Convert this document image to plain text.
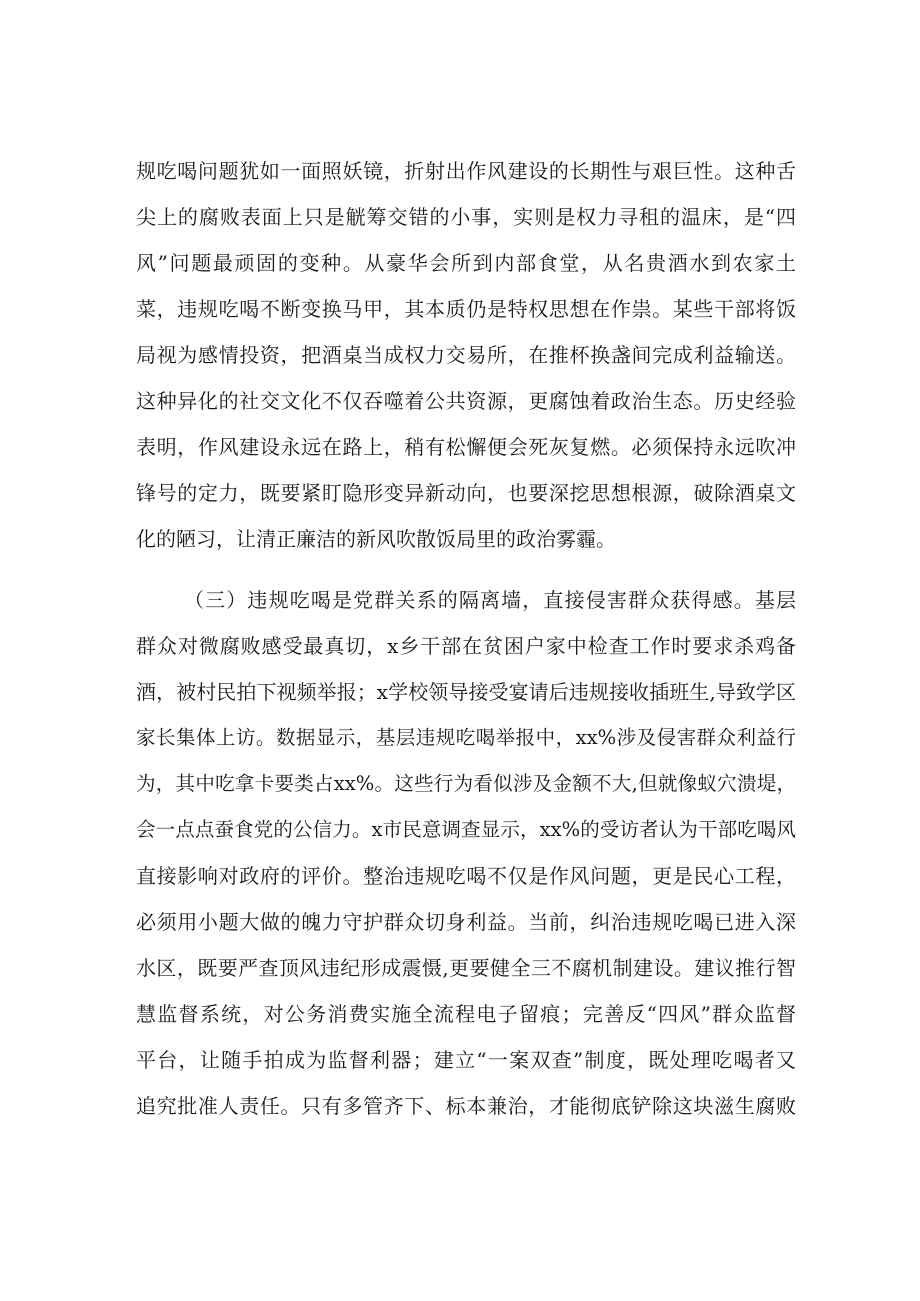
规吃喝问题犹如一面照妖镜，折射出作风建设的长期性与艰巨性。这种舌
尖上的腐败表面上只是觥筹交错的小事，实则是权力寻租的温床，是“四
风”问题最顽固的变种。从豪华会所到内部食堂，从名贵酒水到农家土
菜，违规吃喝不断变换马甲，其本质仍是特权思想在作祟。某些干部将饭
局视为感情投资，把酒桌当成权力交易所，在推杯换盏间完成利益输送。
这种异化的社交文化不仅吞噬着公共资源，更腐蚀着政治生态。历史经验
表明，作风建设永远在路上，稍有松懈便会死灰复燃。必须保持永远吹冲
锋号的定力，既要紧盯隐形变异新动向，也要深挖思想根源，破除酒桌文
化的陋习，让清正廉洁的新风吹散饭局里的政治雾霾。
（三）违规吃喝是党群关系的隔离墙，直接侵害群众获得感。基层
群众对微腐败感受最真切，x乡干部在贫困户家中检查工作时要求杀鸡备
酒，被村民拍下视频举报；x学校领导接受宴请后违规接收插班生,导致学区
家长集体上访。数据显示，基层违规吃喝举报中，xx%涉及侵害群众利益行
为，其中吃拿卡要类占xx%。这些行为看似涉及金额不大,但就像蚁穴溃堤，
会一点点蚕食党的公信力。x市民意调查显示，xx%的受访者认为干部吃喝风
直接影响对政府的评价。整治违规吃喝不仅是作风问题，更是民心工程，
必须用小题大做的魄力守护群众切身利益。当前，纠治违规吃喝已进入深
水区，既要严查顶风违纪形成震慑,更要健全三不腐机制建设。建议推行智
慧监督系统，对公务消费实施全流程电子留痕；完善反“四风”群众监督
平台，让随手拍成为监督利器；建立“一案双查”制度，既处理吃喝者又
追究批准人责任。只有多管齐下、标本兼治，才能彻底铲除这块滋生腐败
